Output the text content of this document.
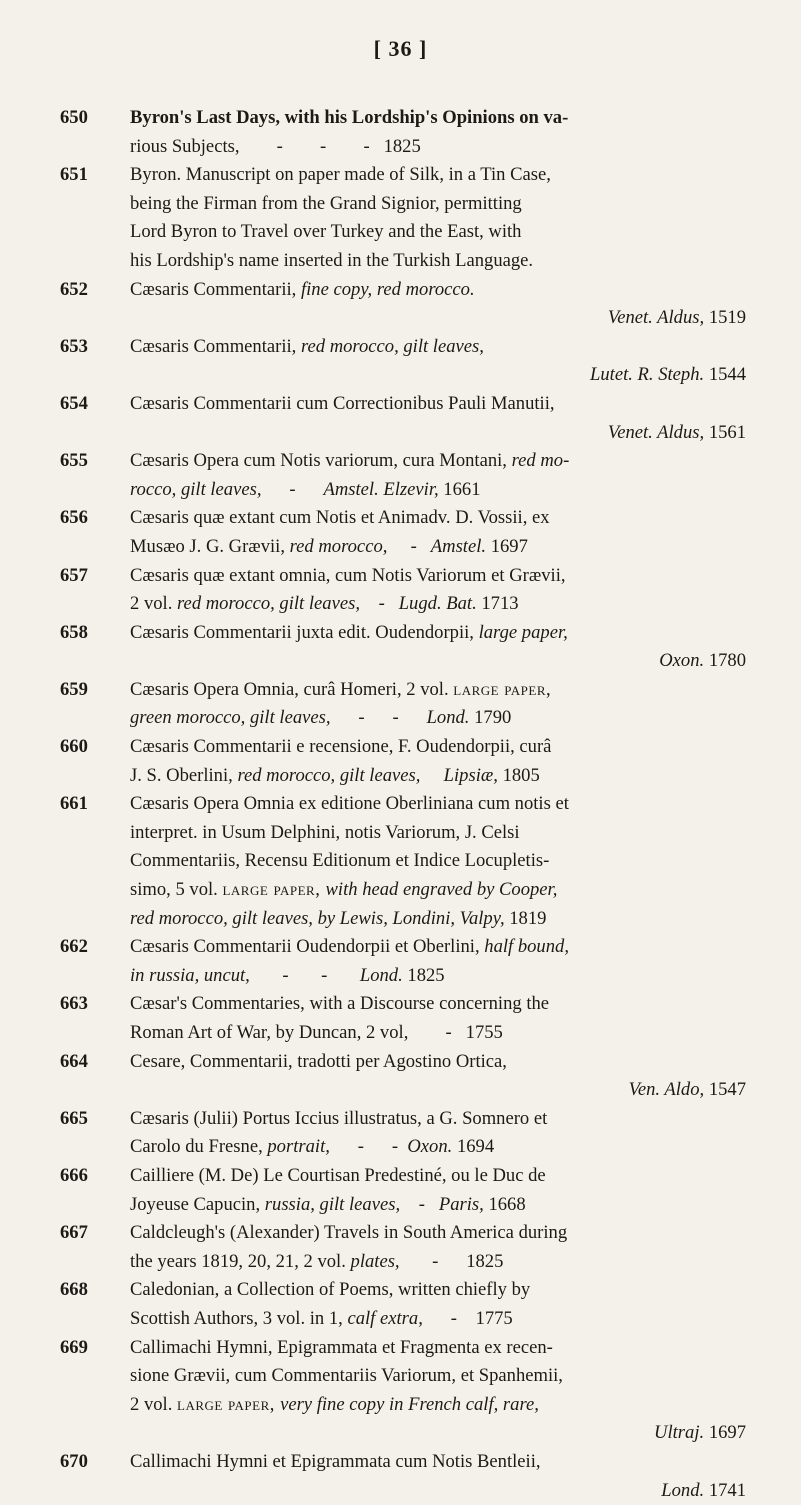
[ 36 ]
650	Byron's Last Days, with his Lordship's Opinions on va-
rious Subjects,        -        -        -   1825
651	Byron. Manuscript on paper made of Silk, in a Tin Case,
being the Firman from the Grand Signior, permitting
Lord Byron to Travel over Turkey and the East, with
his Lordship's name inserted in the Turkish Language.
652	Cæsaris Commentarii, fine copy, red morocco.
Venet. Aldus, 1519
653	Cæsaris Commentarii, red morocco, gilt leaves,
Lutet. R. Steph. 1544
654	Cæsaris Commentarii cum Correctionibus Pauli Manutii,
Venet. Aldus, 1561
655	Cæsaris Opera cum Notis variorum, cura Montani, red mo-
rocco, gilt leaves,      -      Amstel. Elzevir, 1661
656	Cæsaris quæ extant cum Notis et Animadv. D. Vossii, ex
Musæo J. G. Græviі, red morocco,     -   Amstel. 1697
657	Cæsaris quæ extant omnia, cum Notis Variorum et Grævii,
2 vol. red morocco, gilt leaves,    -   Lugd. Bat. 1713
658	Cæsaris Commentarii juxta edit. Oudendorpii, large paper,
Oxon. 1780
659	Cæsaris Opera Omnia, curâ Homeri, 2 vol. large paper,
green morocco, gilt leaves,      -      -      Lond. 1790
660	Cæsaris Commentarii e recensione, F. Oudendorpii, curâ
J. S. Oberlini, red morocco, gilt leaves, Lipsiæ, 1805
661	Cæsaris Opera Omnia ex editione Oberliniana cum notis et
interpret. in Usum Delphini, notis Variorum, J. Celsi
Commentariis, Recensu Editionum et Indice Locupletis-
simo, 5 vol. large paper, with head engraved by Cooper,
red morocco, gilt leaves, by Lewis, Londini, Valpy, 1819
662	Cæsaris Commentarii Oudendorpii et Oberlini, half bound,
in russia, uncut,       -       -       Lond. 1825
663	Cæsar's Commentaries, with a Discourse concerning the
Roman Art of War, by Duncan, 2 vol,        -   1755
664	Cesare, Commentarii, tradotti per Agostino Ortica,
Ven. Aldo, 1547
665	Cæsaris (Julii) Portus Iccius illustratus, a G. Somnero et
Carolo du Fresne, portrait,      -      -  Oxon. 1694
666	Cailliere (M. De) Le Courtisan Predestiné, ou le Duc de
Joyeuse Capucin, russia, gilt leaves,    -   Paris, 1668
667	Caldcleugh's (Alexander) Travels in South America during
the years 1819, 20, 21, 2 vol. plates,       -      1825
668	Caledonian, a Collection of Poems, written chiefly by
Scottish Authors, 3 vol. in 1, calf extra,      -    1775
669	Callimachi Hymni, Epigrammata et Fragmenta ex recen-
sione Grævii, cum Commentariis Variorum, et Spanhemii,
2 vol. large paper, very fine copy in French calf, rare,
Ultraj. 1697
670	Callimachi Hymni et Epigrammata cum Notis Bentleii,
Lond. 1741
